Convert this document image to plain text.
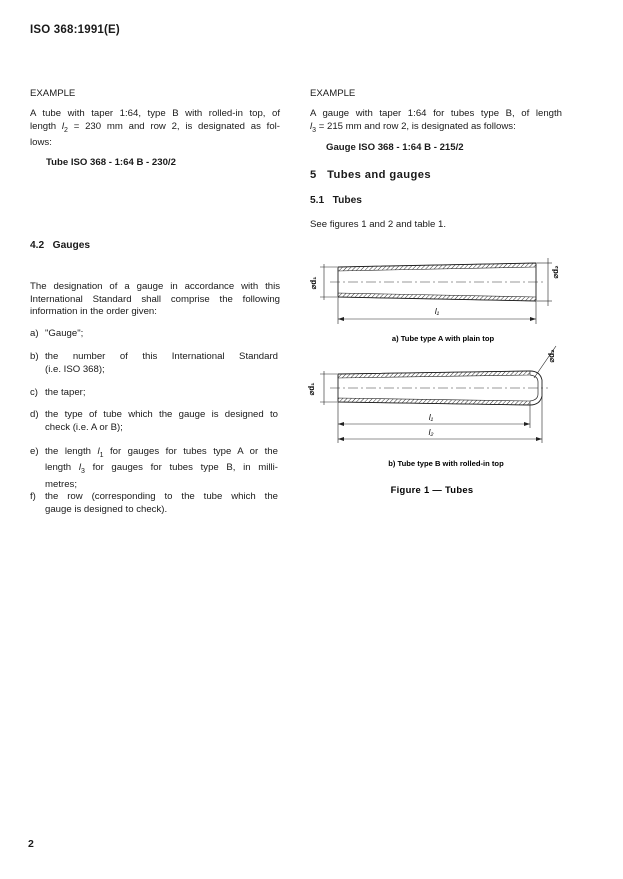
ISO 368:1991(E)
EXAMPLE
A tube with taper 1:64, type B with rolled-in top, of
length $l_2 = 230$ mm and row 2, is designated as fol-
lows:
Tube ISO 368 - 1:64 B - 230/2
4.2 Gauges
The designation of a gauge in accordance with this
International Standard shall comprise the following
information in the order given:
a) "Gauge";
b) the number of this International Standard
(i.e. ISO 368);
c) the taper;
d) the type of tube which the gauge is designed to
check (i.e. A or B);
e) the length $l_1$ for gauges for tubes type A or the
length $l_3$ for gauges for tubes type B, in milli-
metres;
f) the row (corresponding to the tube which the
gauge is designed to check).
EXAMPLE
A gauge with taper 1:64 for tubes type B, of length
$l_3 = 215$ mm and row 2, is designated as follows:
Gauge ISO 368 - 1:64 B - 215/2
5 Tubes and gauges
5.1 Tubes
See figures 1 and 2 and table 1.
⌀d₁
⌀d₂
l₁
a) Tube type A with plain top
⌀d₁
⌀d₂
l₁
l₂
b) Tube type B with rolled-in top
Figure 1 — Tubes
2
